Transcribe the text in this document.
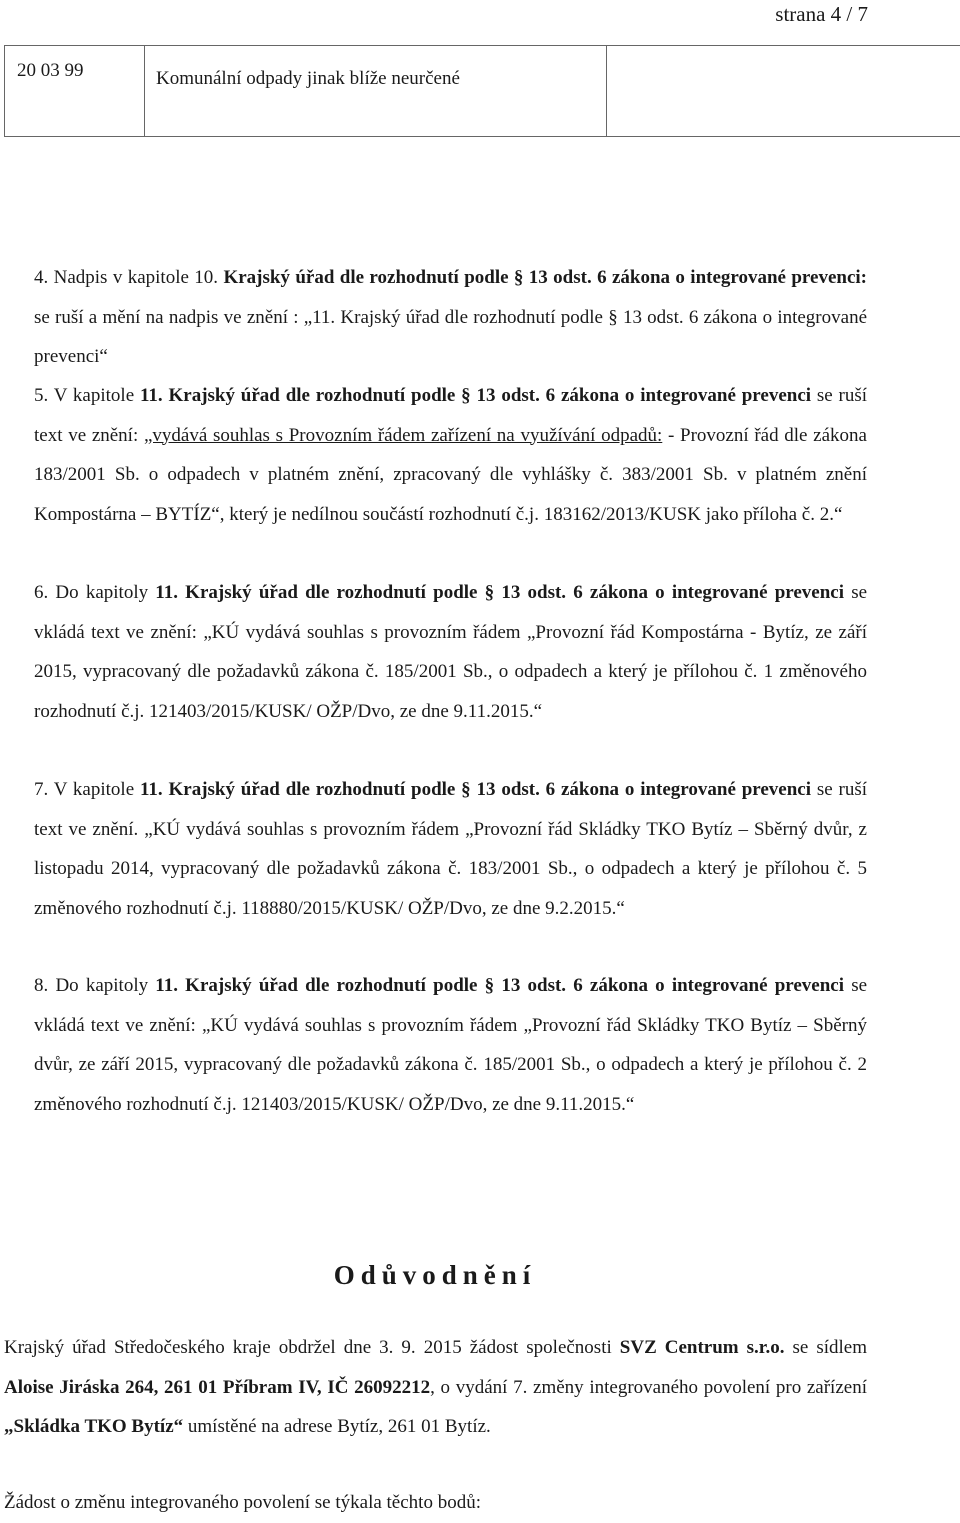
strana 4 / 7
20 03 99	Komunální odpady jinak blíže neurčené	
4. Nadpis v kapitole 10. Krajský úřad dle rozhodnutí podle § 13 odst. 6 zákona o integrované prevenci: se ruší a mění na nadpis ve znění : „11. Krajský úřad dle rozhodnutí podle § 13 odst. 6 zákona o integrované prevenci“
5. V kapitole 11. Krajský úřad dle rozhodnutí podle § 13 odst. 6 zákona o integrované prevenci se ruší text ve znění: „vydává souhlas s Provozním řádem zařízení na využívání odpadů: - Provozní řád dle zákona 183/2001 Sb. o odpadech v platném znění, zpracovaný dle vyhlášky č. 383/2001 Sb. v platném znění Kompostárna – BYTÍZ“, který je nedílnou součástí rozhodnutí č.j. 183162/2013/KUSK jako příloha č. 2.“
6. Do kapitoly 11. Krajský úřad dle rozhodnutí podle § 13 odst. 6 zákona o integrované prevenci se vkládá text ve znění: „KÚ vydává souhlas s provozním řádem „Provozní řád Kompostárna - Bytíz, ze září 2015, vypracovaný dle požadavků zákona č. 185/2001 Sb., o odpadech a který je přílohou č. 1 změnového rozhodnutí č.j. 121403/2015/KUSK/ OŽP/Dvo, ze dne 9.11.2015.“
7. V kapitole 11. Krajský úřad dle rozhodnutí podle § 13 odst. 6 zákona o integrované prevenci se ruší text ve znění. „KÚ vydává souhlas s provozním řádem „Provozní řád Skládky TKO Bytíz – Sběrný dvůr, z listopadu 2014, vypracovaný dle požadavků zákona č. 183/2001 Sb., o odpadech a který je přílohou č. 5 změnového rozhodnutí č.j. 118880/2015/KUSK/ OŽP/Dvo, ze dne 9.2.2015.“
8. Do kapitoly 11. Krajský úřad dle rozhodnutí podle § 13 odst. 6 zákona o integrované prevenci se vkládá text ve znění: „KÚ vydává souhlas s provozním řádem „Provozní řád Skládky TKO Bytíz – Sběrný dvůr, ze září 2015, vypracovaný dle požadavků zákona č. 185/2001 Sb., o odpadech a který je přílohou č. 2 změnového rozhodnutí č.j. 121403/2015/KUSK/ OŽP/Dvo, ze dne 9.11.2015.“
Odůvodnění
Krajský úřad Středočeského kraje obdržel dne 3. 9. 2015 žádost společnosti SVZ Centrum s.r.o. se sídlem Aloise Jiráska 264, 261 01 Příbram IV, IČ 26092212, o vydání 7. změny integrovaného povolení pro zařízení „Skládka TKO Bytíz“ umístěné na adrese Bytíz, 261 01 Bytíz.
Žádost o změnu integrovaného povolení se týkala těchto bodů:
